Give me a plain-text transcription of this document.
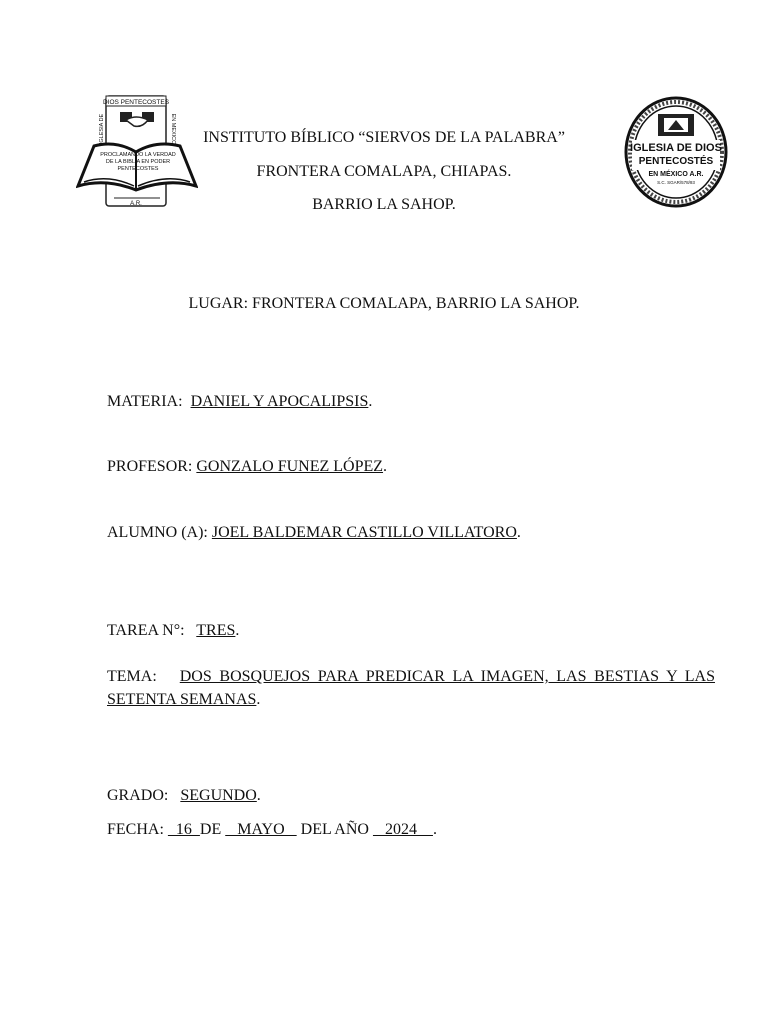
DIOS PENTECOSTES
IGLESIA DE	EN MEXICO
PROCLAMANDO LA VERDAD
DE LA BIBLIA EN PODER
PENTECOSTES
A.R.
IGLESIA DE DIOS
PENTECOSTÉS
EN MÉXICO A.R.
S.C. SGAR/578/93
INSTITUTO BÍBLICO “SIERVOS DE LA PALABRA”
FRONTERA COMALAPA, CHIAPAS.
BARRIO LA SAHOP.
LUGAR: FRONTERA COMALAPA, BARRIO LA SAHOP.
MATERIA:  DANIEL Y APOCALIPSIS.
PROFESOR: GONZALO FUNEZ LÓPEZ.
ALUMNO (A): JOEL BALDEMAR CASTILLO VILLATORO.
TAREA N°:   TRES.
TEMA:   DOS BOSQUEJOS PARA PREDICAR LA IMAGEN, LAS BESTIAS Y LAS SETENTA SEMANAS.
GRADO:   SEGUNDO.
FECHA:   16  DE    MAYO    DEL AÑO    2024    .
